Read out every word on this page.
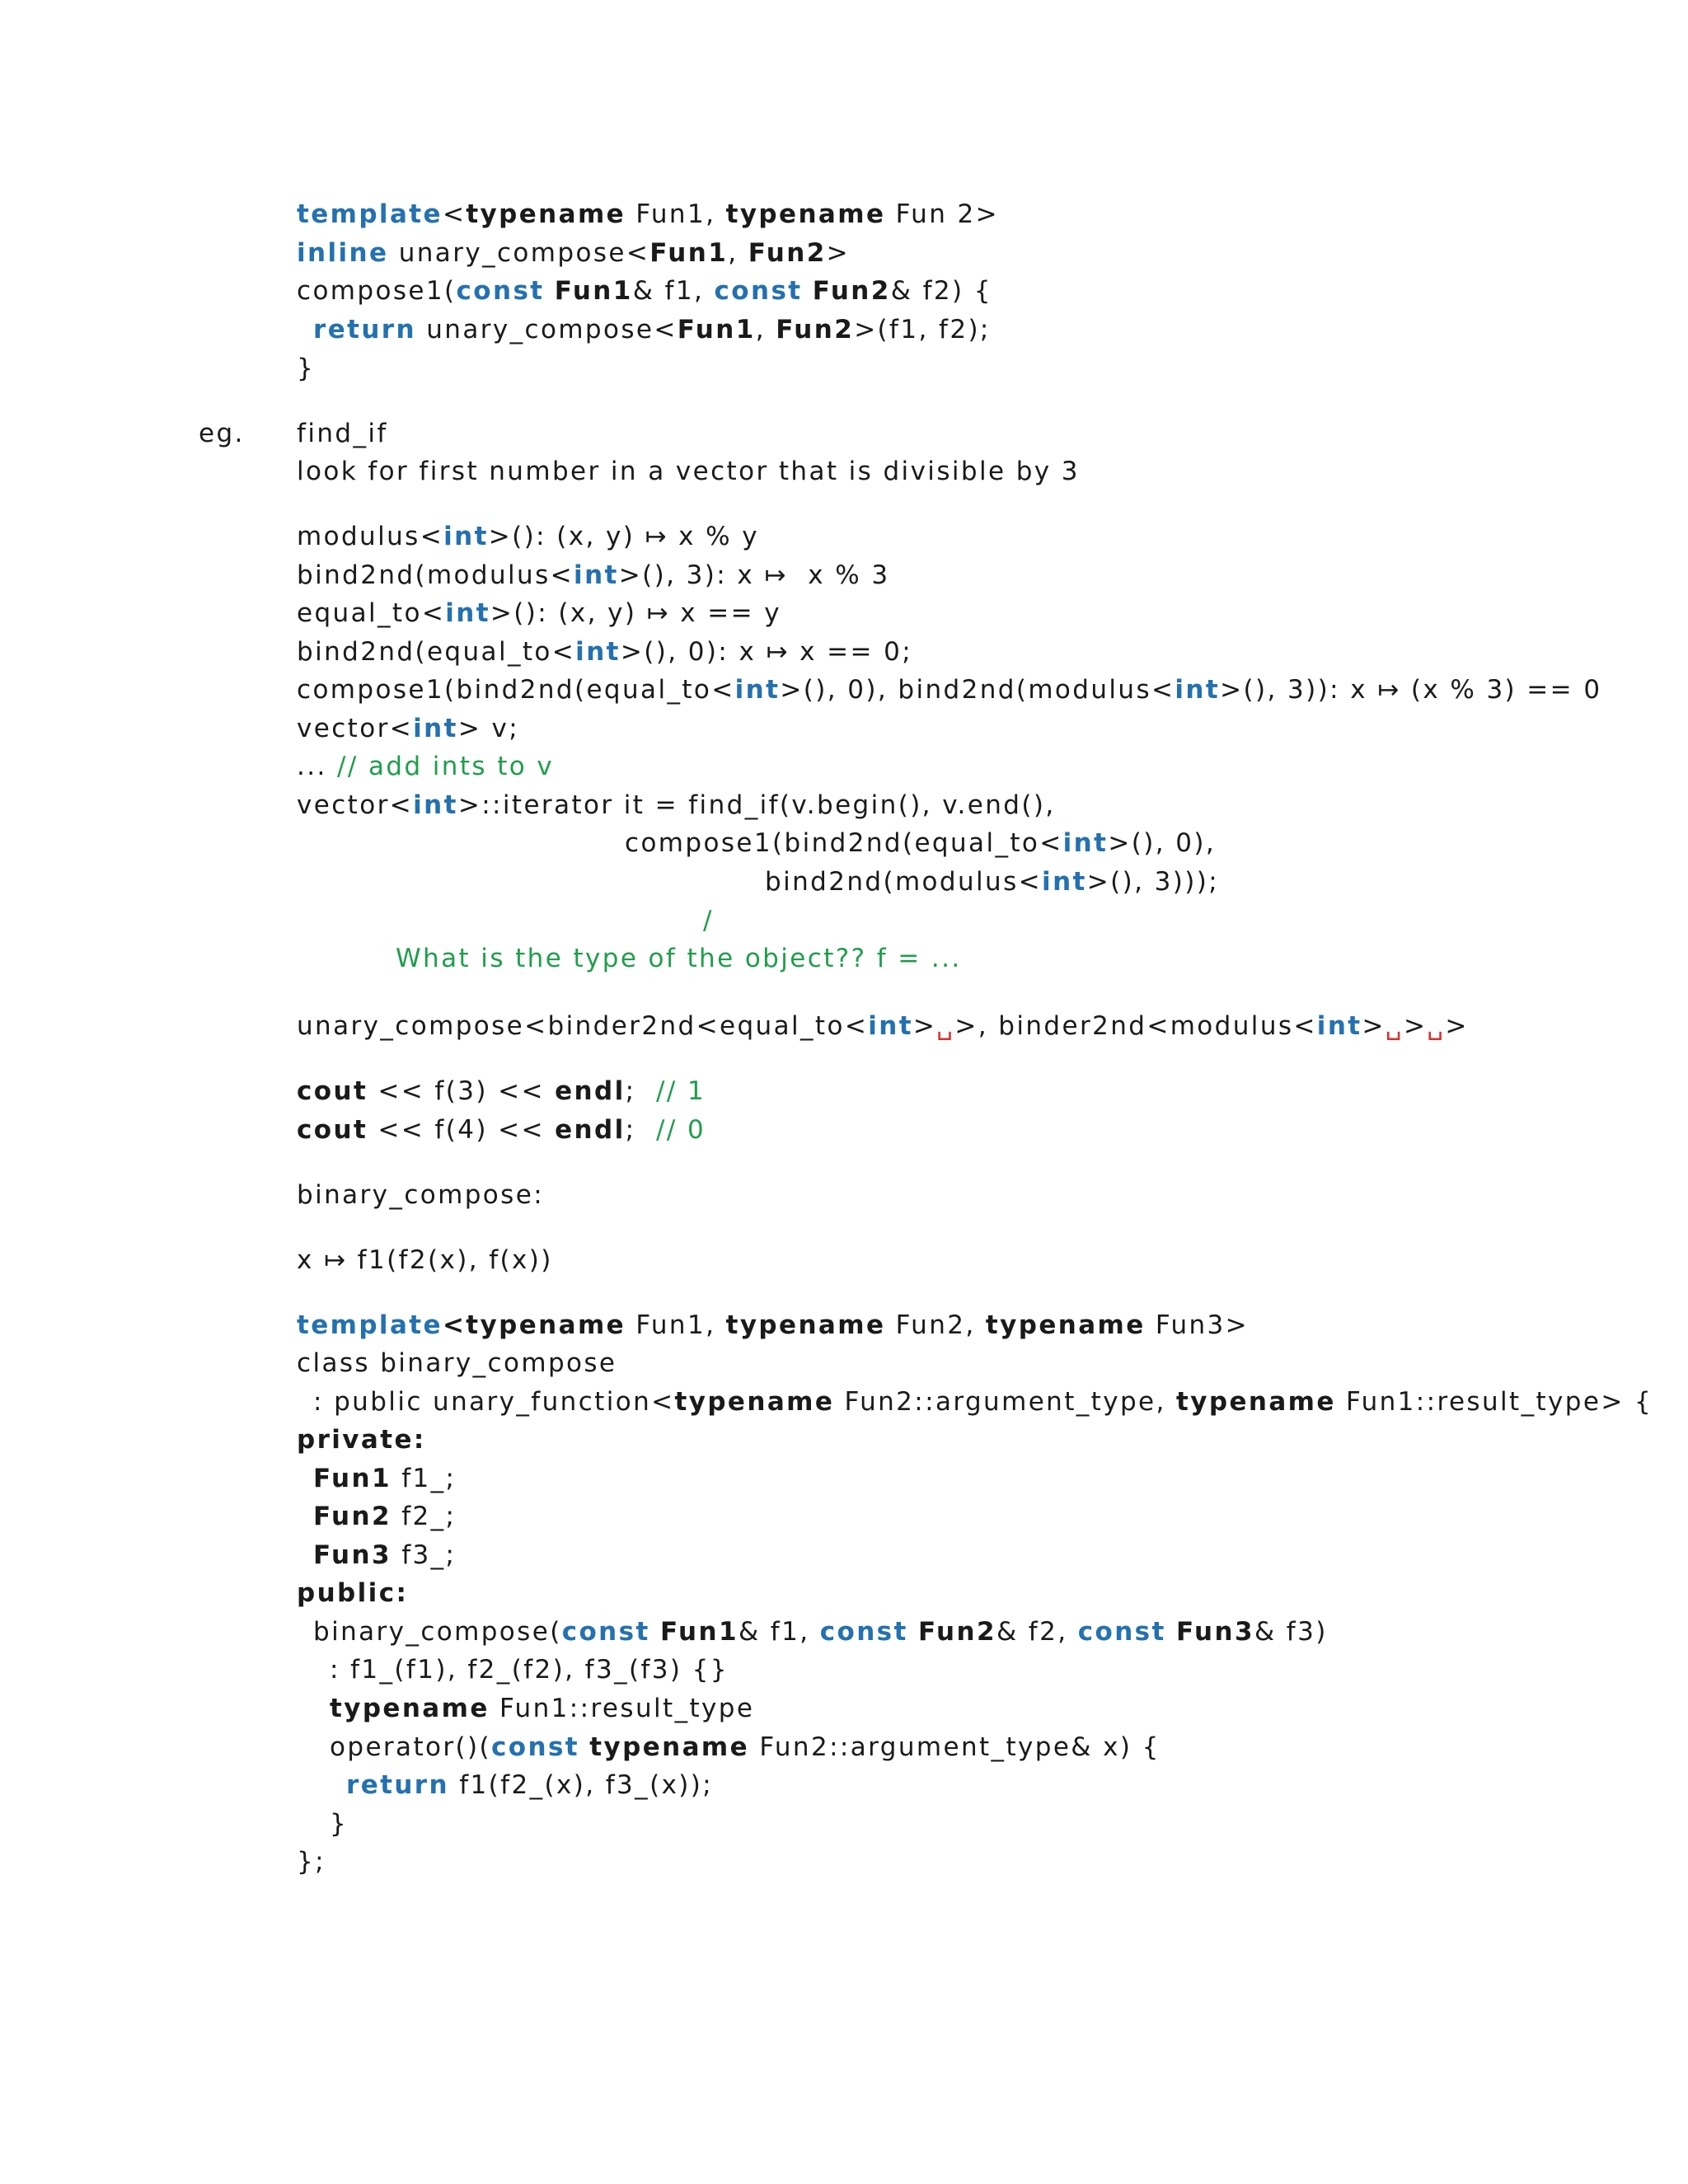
template<typename Fun1, typename Fun 2>
inline unary_compose<Fun1, Fun2>
compose1(const Fun1& f1, const Fun2& f2) {
return unary_compose<Fun1, Fun2>(f1, f2);
}
find_if
eg.
look for first number in a vector that is divisible by 3
modulus<int>(): (x, y) ↦ x % y
bind2nd(modulus<int>(), 3): x ↦  x % 3
equal_to<int>(): (x, y) ↦ x == y
bind2nd(equal_to<int>(), 0): x ↦ x == 0;
compose1(bind2nd(equal_to<int>(), 0), bind2nd(modulus<int>(), 3)): x ↦ (x % 3) == 0
vector<int> v;
... // add ints to v
vector<int>::iterator it = find_if(v.begin(), v.end(),
compose1(bind2nd(equal_to<int>(), 0),
bind2nd(modulus<int>(), 3)));
/
What is the type of the object?? f = ...
unary_compose<binder2nd<equal_to<int>␣>, binder2nd<modulus<int>␣>␣>
cout << f(3) << endl;  // 1
cout << f(4) << endl;  // 0
binary_compose:
x ↦ f1(f2(x), f(x))
template<typename Fun1, typename Fun2, typename Fun3>
class binary_compose
: public unary_function<typename Fun2::argument_type, typename Fun1::result_type> {
private:
Fun1 f1_;
Fun2 f2_;
Fun3 f3_;
public:
binary_compose(const Fun1& f1, const Fun2& f2, const Fun3& f3)
: f1_(f1), f2_(f2), f3_(f3) {}
typename Fun1::result_type
operator()(const typename Fun2::argument_type& x) {
return f1(f2_(x), f3_(x));
}
};
